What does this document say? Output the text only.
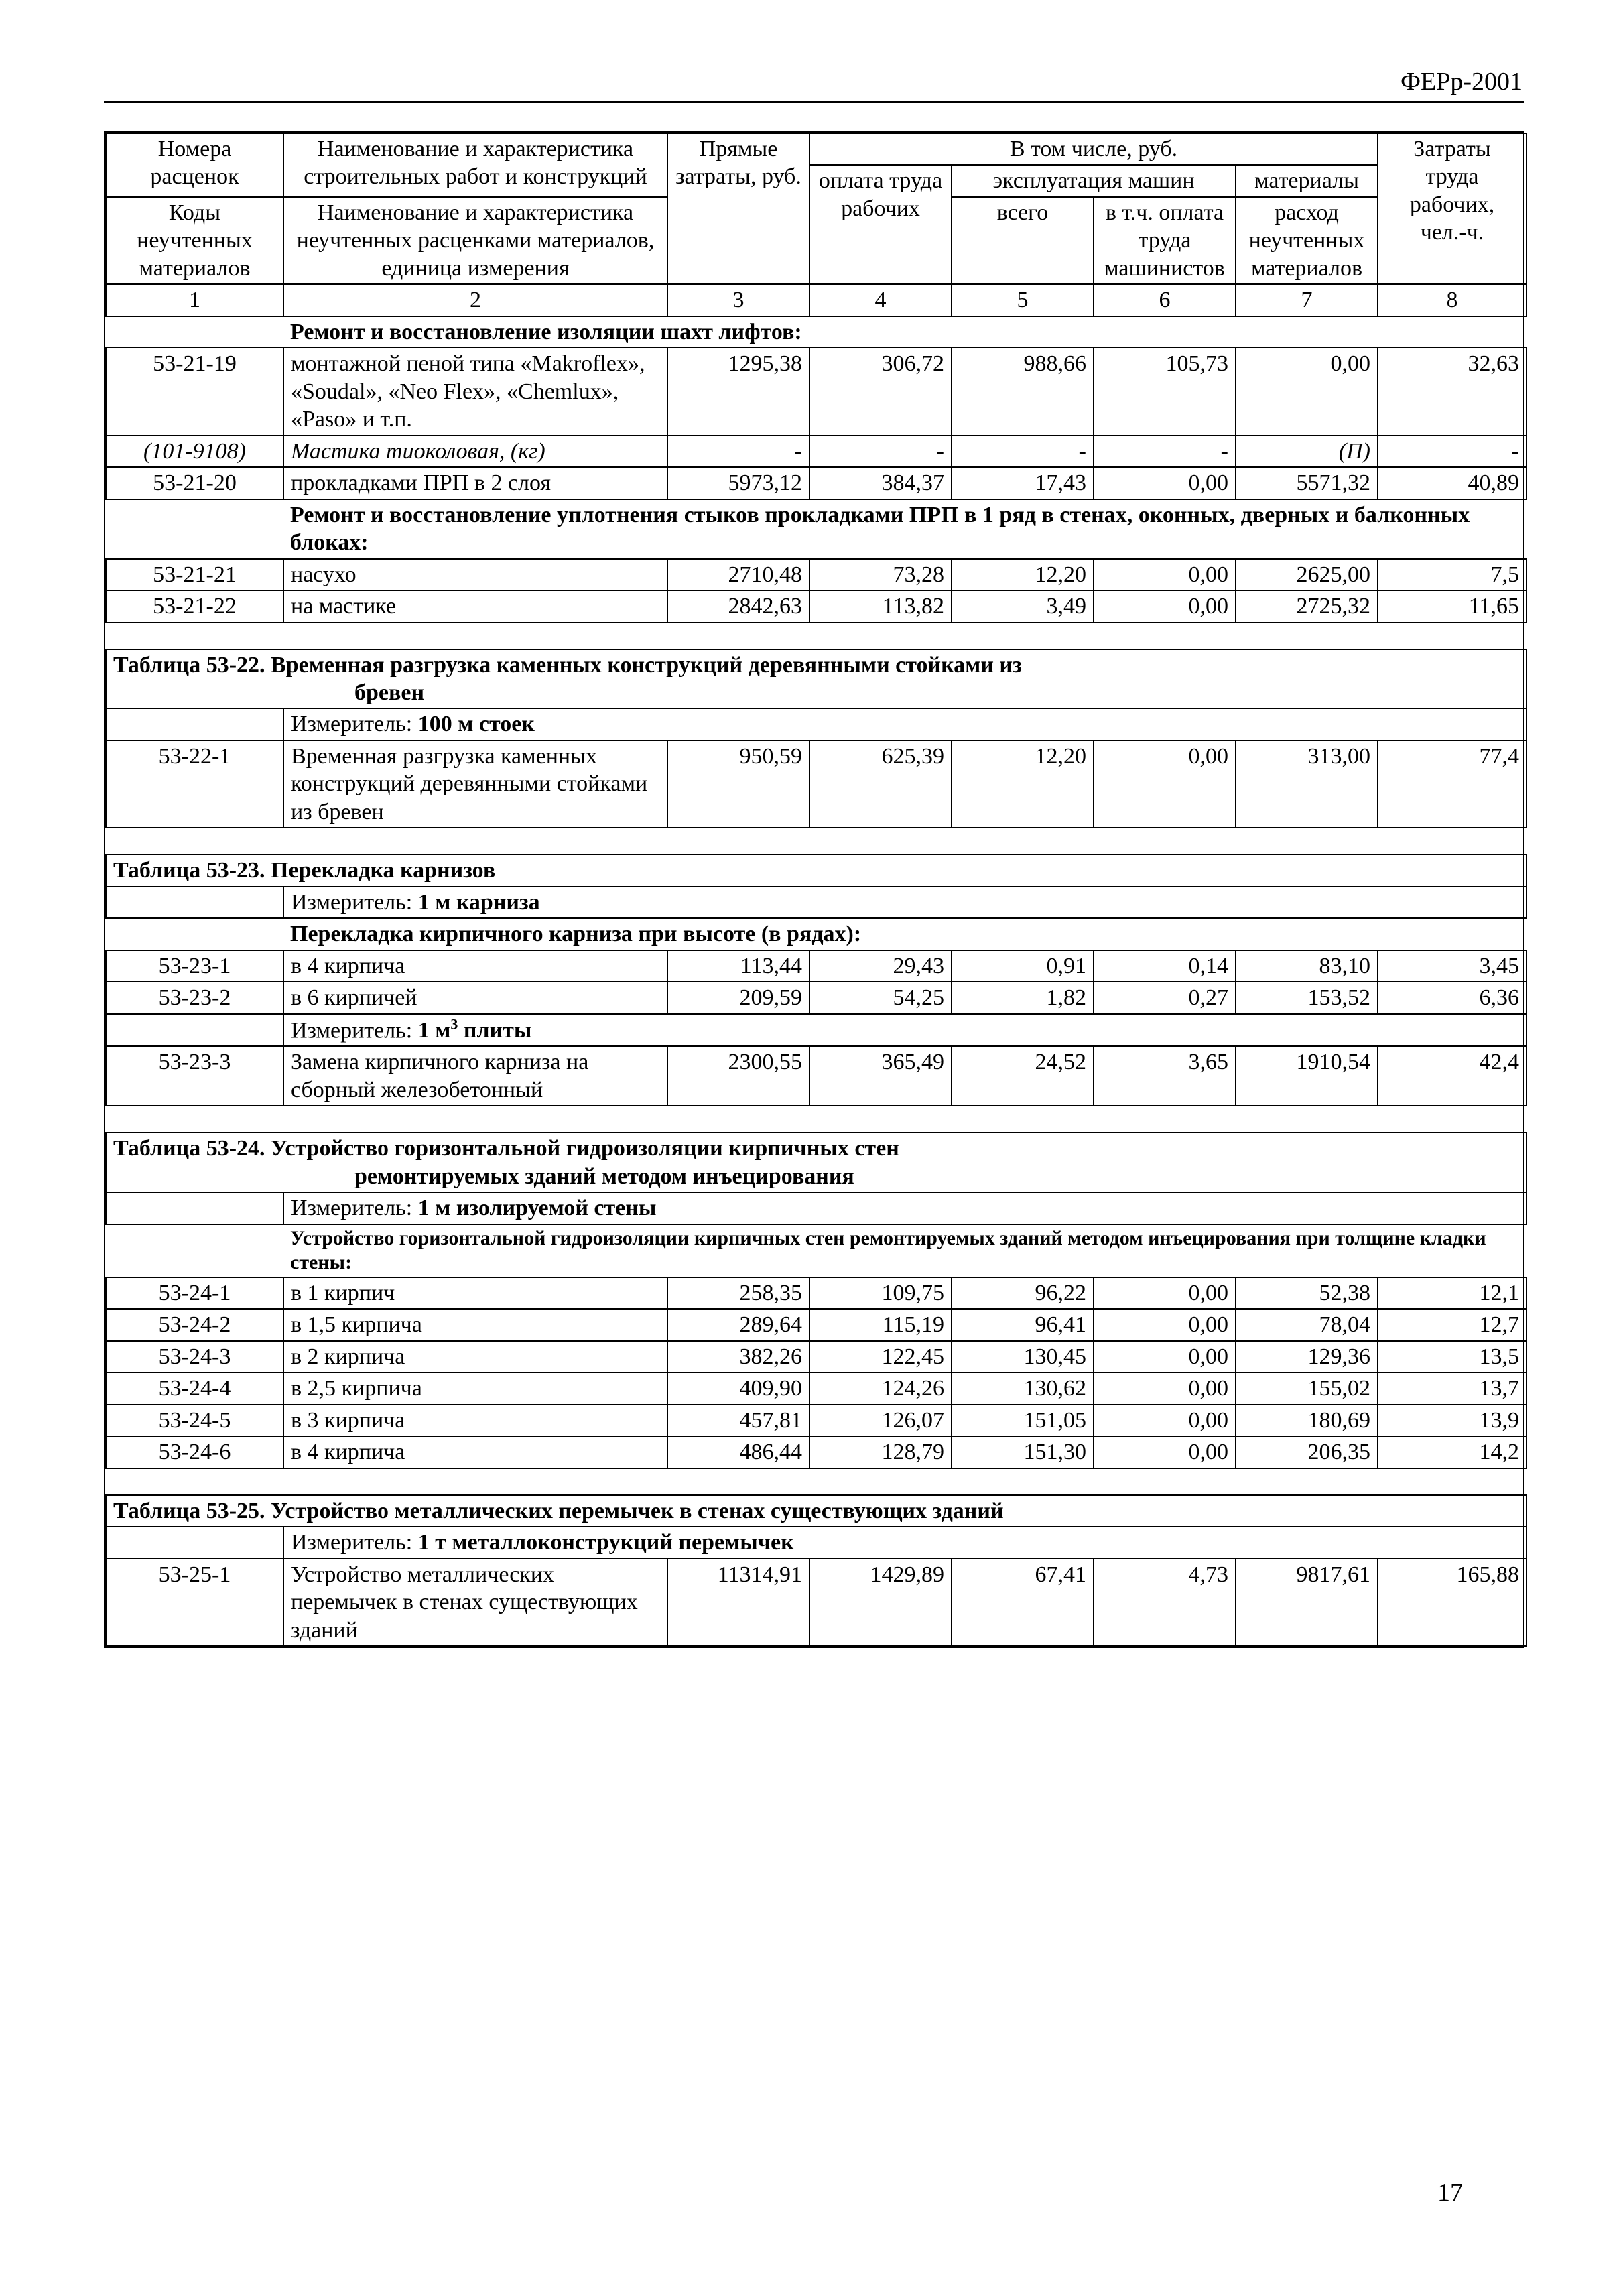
ФЕРр-2001
Номера расценок	Наименование и характеристика строительных работ и конструкций	Прямые затраты, руб.	В том числе, руб.				Затраты труда рабочих, чел.-ч.
			оплата труда рабочих	эксплуатация машин		материалы	
Коды неучтенных материалов	Наименование и характеристика неучтенных расценками материалов, единица измерения			всего	в т.ч. оплата труда машинистов	расход неучтенных материалов	

1	2	3	4	5	6	7	8
	Ремонт и восстановление изоляции шахт лифтов:						
53-21-19	монтажной пеной типа «Makroflex», «Soudal», «Neo Flex», «Chemlux», «Paso» и т.п.	1295,38	306,72	988,66	105,73	0,00	32,63
(101-9108)	Мастика тиоколовая, (кг)	-	-	-	-	(П)	-
53-21-20	прокладками ПРП в 2 слоя	5973,12	384,37	17,43	0,00	5571,32	40,89
	Ремонт и восстановление уплотнения стыков прокладками ПРП в 1 ряд в стенах, оконных, дверных и балконных блоках:						
53-21-21	насухо	2710,48	73,28	12,20	0,00	2625,00	7,5
53-21-22	на мастике	2842,63	113,82	3,49	0,00	2725,32	11,65

Таблица 53-22. Временная разгрузка каменных конструкций деревянными стойками из
бревен							

	Измеритель: 100 м стоек						
53-22-1	Временная разгрузка каменных конструкций деревянными стойками из бревен	950,59	625,39	12,20	0,00	313,00	77,4

Таблица 53-23. Перекладка карнизов							
	Измеритель: 1 м карниза						
	Перекладка кирпичного карниза при высоте (в рядах):						
53-23-1	в 4 кирпича	113,44	29,43	0,91	0,14	83,10	3,45
53-23-2	в 6 кирпичей	209,59	54,25	1,82	0,27	153,52	6,36
	Измеритель: 1 $м^3$ плиты						
53-23-3	Замена кирпичного карниза на сборный железобетонный	2300,55	365,49	24,52	3,65	1910,54	42,4

Таблица 53-24. Устройство горизонтальной гидроизоляции кирпичных стен
ремонтируемых зданий методом инъецирования							

	Измеритель: 1 м изолируемой стены						
	Устройство горизонтальной гидроизоляции кирпичных стен ремонтируемых зданий методом инъецирования при толщине кладки стены:						
53-24-1	в 1 кирпич	258,35	109,75	96,22	0,00	52,38	12,1
53-24-2	в 1,5 кирпича	289,64	115,19	96,41	0,00	78,04	12,7
53-24-3	в 2 кирпича	382,26	122,45	130,45	0,00	129,36	13,5
53-24-4	в 2,5 кирпича	409,90	124,26	130,62	0,00	155,02	13,7
53-24-5	в 3 кирпича	457,81	126,07	151,05	0,00	180,69	13,9
53-24-6	в 4 кирпича	486,44	128,79	151,30	0,00	206,35	14,2

Таблица 53-25. Устройство металлических перемычек в стенах существующих зданий							
	Измеритель: 1 т металлоконструкций перемычек						
53-25-1	Устройство металлических перемычек в стенах существующих зданий	11314,91	1429,89	67,41	4,73	9817,61	165,88
17
